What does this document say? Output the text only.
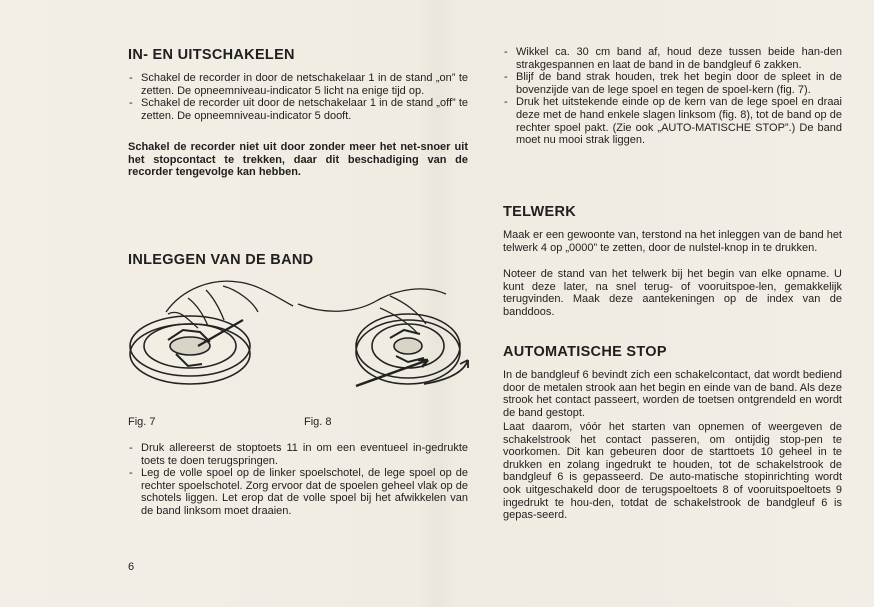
IN- EN UITSCHAKELEN
- Schakel de recorder in door de netschakelaar 1 in de stand „on” te zetten. De opneemniveau-indicator 5 licht na enige tijd op.
- Schakel de recorder uit door de netschakelaar 1 in de stand „off” te zetten. De opneemniveau-indicator 5 dooft.

Schakel de recorder niet uit door zonder meer het net-snoer uit het stopcontact te trekken, daar dit beschadiging van de recorder tengevolge kan hebben.

INLEGGEN VAN DE BAND
- Druk allereerst de stoptoets 11 in om een eventueel in-gedrukte toets te doen terugspringen.
- Leg de volle spoel op de linker spoelschotel, de lege spoel op de rechter spoelschotel. Zorg ervoor dat de spoelen geheel vlak op de schotels liggen. Let erop dat de volle spoel bij het afwikkelen van de band linksom moet draaien.
Fig. 7	Fig. 8
6
- Wikkel ca. 30 cm band af, houd deze tussen beide han-den strakgespannen en laat de band in de bandgleuf 6 zakken.
- Blijf de band strak houden, trek het begin door de spleet in de bovenzijde van de lege spoel en tegen de spoel-kern (fig. 7).
- Druk het uitstekende einde op de kern van de lege spoel en draai deze met de hand enkele slagen linksom (fig. 8), tot de band op de rechter spoel pakt. (Zie ook „AUTO-MATISCHE STOP”.) De band moet nu mooi strak liggen.
TELWERK

Maak er een gewoonte van, terstond na het inleggen van de band het telwerk 4 op „0000” te zetten, door de nulstel-knop in te drukken.

Noteer de stand van het telwerk bij het begin van elke opname. U kunt deze later, na snel terug- of vooruitspoe-len, gemakkelijk terugvinden. Maak deze aantekeningen op de index van de banddoos.

AUTOMATISCHE STOP

In de bandgleuf 6 bevindt zich een schakelcontact, dat wordt bediend door de metalen strook aan het begin en einde van de band. Als deze strook het contact passeert, worden de toetsen ontgrendeld en wordt de band gestopt.

Laat daarom, vóór het starten van opnemen of weergeven de schakelstrook het contact passeren, om ontijdig stop-pen te voorkomen. Dit kan gebeuren door de starttoets 10 geheel in te drukken en zolang ingedrukt te houden, tot de schakelstrook de bandgleuf 6 is gepasseerd. De auto-matische stopinrichting wordt ook uitgeschakeld door de terugspoeltoets 8 of vooruitspoeltoets 9 ingedrukt te hou-den, totdat de schakelstrook de bandgleuf 6 is gepas-seerd.
